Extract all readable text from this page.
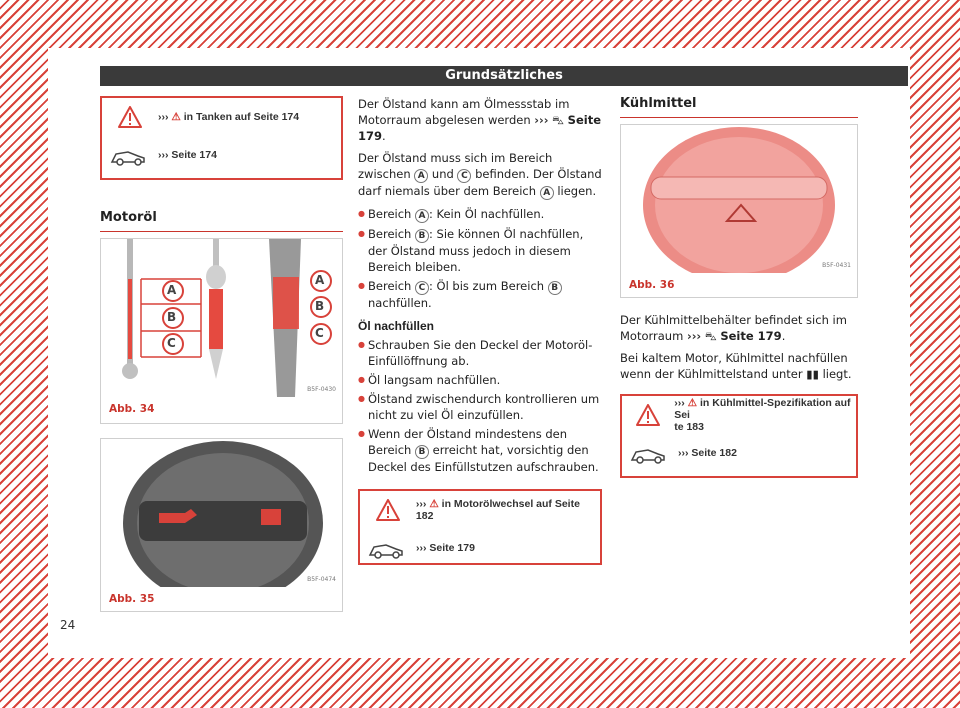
Grundsätzliches
››› ⚠ in Tanken auf Seite 174
››› Seite 174
Motoröl
A
B
C
A
B
C
B5F-0430
Abb. 34
B5F-0474
Abb. 35

Der Ölstand kann am Ölmessstab im Motorraum abgelesen werden ››› ⛍ Seite 179.

Der Ölstand muss sich im Bereich zwischen A und C befinden. Der Ölstand darf niemals über dem Bereich A liegen.

● Bereich A : Kein Öl nachfüllen.
● Bereich B : Sie können Öl nachfüllen, der Ölstand muss jedoch in diesem Bereich bleiben.
● Bereich C : Öl bis zum Bereich B nachfüllen.
Öl nachfüllen
● Schrauben Sie den Deckel der Motoröl-Einfüllöffnung ab.
● Öl langsam nachfüllen.
● Ölstand zwischendurch kontrollieren um nicht zu viel Öl einzufüllen.
● Wenn der Ölstand mindestens den Bereich B erreicht hat, vorsichtig den Deckel des Einfüllstutzen aufschrauben.
››› ⚠ in Motorölwechsel auf Seite 182
››› Seite 179
Kühlmittel
B5F-0431
Abb. 36

Der Kühlmittelbehälter befindet sich im Motorraum ››› ⛍ Seite 179.

Bei kaltem Motor, Kühlmittel nachfüllen wenn der Kühlmittelstand unter ▮▮ liegt.

››› ⚠ in Kühlmittel-Spezifikation auf Sei
te 183
››› Seite 182
24
